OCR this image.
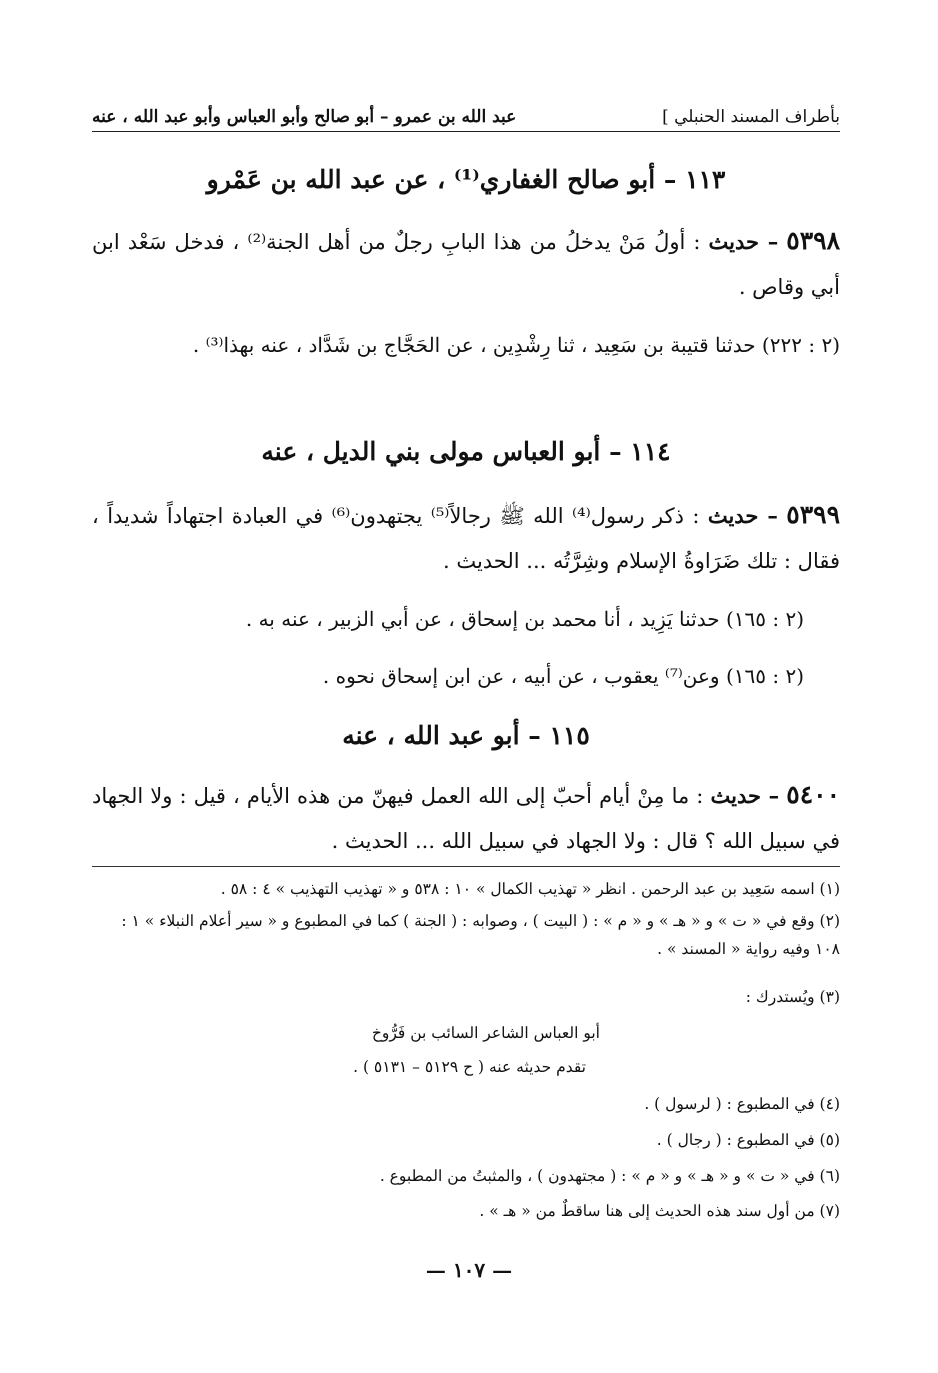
بأطراف المسند الحنبلي ]
عبد الله بن عمرو – أبو صالح وأبو العباس وأبو عبد الله ، عنه
١١٣ – أبو صالح الغفاري⁽¹⁾ ، عن عبد الله بن عَمْرو
٥٣٩٨ – حديث : أولُ مَنْ يدخلُ من هذا البابِ رجلٌ من أهل الجنة⁽²⁾ ، فدخل سَعْد ابن أبي وقاص .
(٢ : ٢٢٢) حدثنا قتيبة بن سَعِيد ، ثنا رِشْدِين ، عن الحَجَّاج بن شَدَّاد ، عنه بهذا⁽³⁾ .
١١٤ – أبو العباس مولى بني الديل ، عنه
٥٣٩٩ – حديث : ذكر رسول⁽⁴⁾ الله ﷺ رجالاً⁽⁵⁾ يجتهدون⁽⁶⁾ في العبادة اجتهاداً شديداً ، فقال : تلك ضَرَاوةُ الإسلام وشِرَّتُه ... الحديث .
(٢ : ١٦٥) حدثنا يَزِيد ، أنا محمد بن إسحاق ، عن أبي الزبير ، عنه به .
(٢ : ١٦٥) وعن⁽⁷⁾ يعقوب ، عن أبيه ، عن ابن إسحاق نحوه .
١١٥ – أبو عبد الله ، عنه
٥٤٠٠ – حديث : ما مِنْ أيام أحبّ إلى الله العمل فيهنّ من هذه الأيام ، قيل : ولا الجهاد في سبيل الله ؟ قال : ولا الجهاد في سبيل الله ... الحديث .
(١) اسمه سَعِيد بن عبد الرحمن . انظر « تهذيب الكمال » ١٠ : ٥٣٨ و « تهذيب التهذيب » ٤ : ٥٨ .
(٢) وقع في « ت » و « هـ » و « م » : ( البيت ) ، وصوابه : ( الجنة ) كما في المطبوع و « سير أعلام النبلاء » ١ : ١٠٨ وفيه رواية « المسند » .
(٣) ويُستدرك :
أبو العباس الشاعر السائب بن فَرُّوخ
تقدم حديثه عنه ( ح ٥١٢٩ – ٥١٣١ ) .
(٤) في المطبوع : ( لرسول ) .
(٥) في المطبوع : ( رجال ) .
(٦) في « ت » و « هـ » و « م » : ( مجتهدون ) ، والمثبتُ من المطبوع .
(٧) من أول سند هذه الحديث إلى هنا ساقطٌ من « هـ » .
— ١٠٧ —
